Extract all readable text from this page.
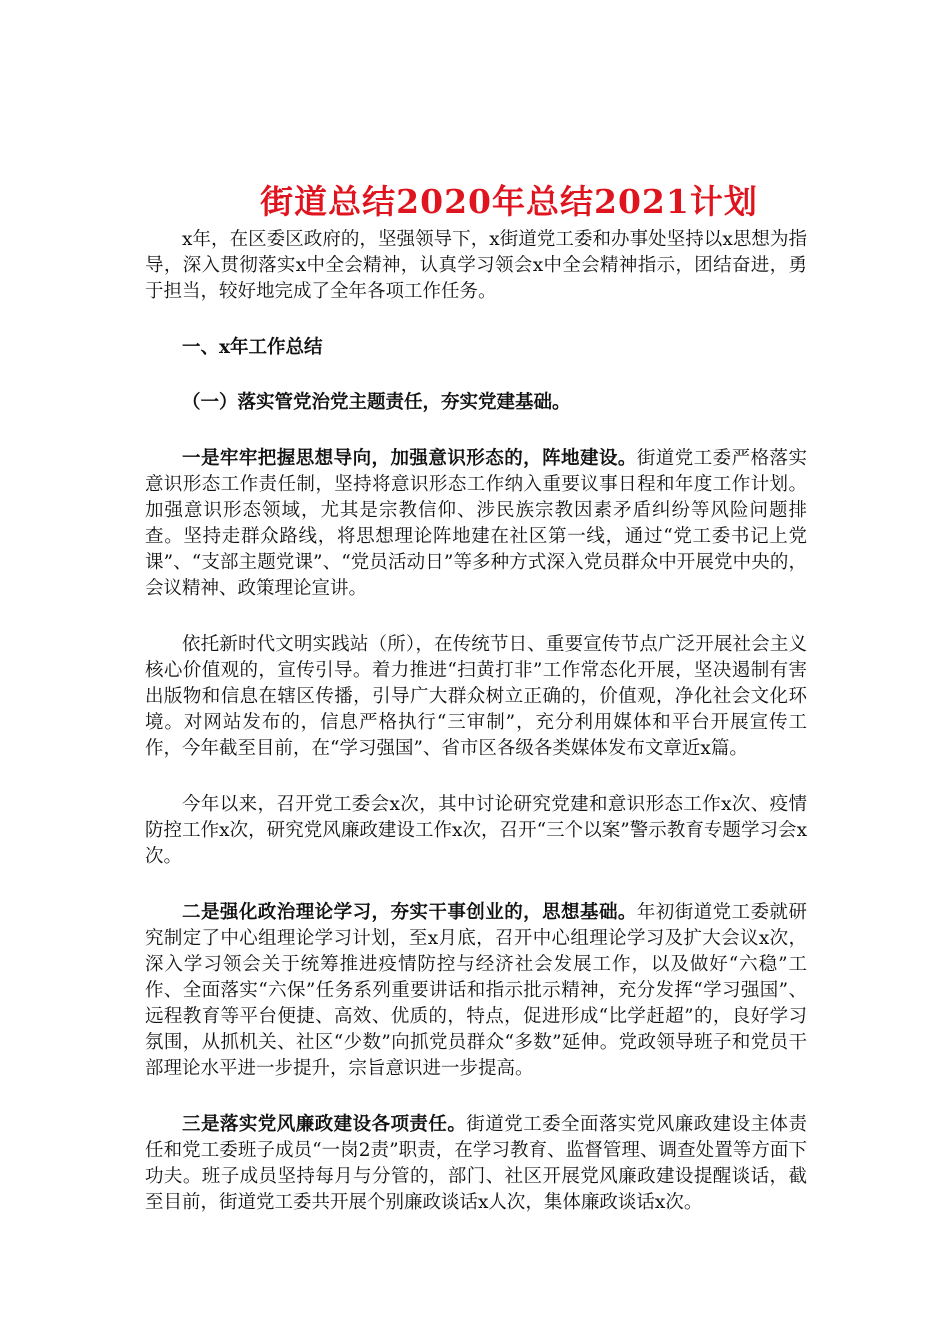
街道总结2020年总结2021计划

x年，在区委区政府的，坚强领导下，x街道党工委和办事处坚持以x思想为指导，深入贯彻落实x中全会精神，认真学习领会x中全会精神指示，团结奋进，勇于担当，较好地完成了全年各项工作任务。

一、x年工作总结

（一）落实管党治党主题责任，夯实党建基础。

一是牢牢把握思想导向，加强意识形态的，阵地建设。街道党工委严格落实意识形态工作责任制，坚持将意识形态工作纳入重要议事日程和年度工作计划。加强意识形态领域，尤其是宗教信仰、涉民族宗教因素矛盾纠纷等风险问题排查。坚持走群众路线，将思想理论阵地建在社区第一线，通过“党工委书记上党课”、“支部主题党课”、“党员活动日”等多种方式深入党员群众中开展党中央的，会议精神、政策理论宣讲。

依托新时代文明实践站（所），在传统节日、重要宣传节点广泛开展社会主义核心价值观的，宣传引导。着力推进“扫黄打非”工作常态化开展，坚决遏制有害出版物和信息在辖区传播，引导广大群众树立正确的，价值观，净化社会文化环境。对网站发布的，信息严格执行“三审制”，充分利用媒体和平台开展宣传工作，今年截至目前，在“学习强国”、省市区各级各类媒体发布文章近x篇。

今年以来，召开党工委会x次，其中讨论研究党建和意识形态工作x次、疫情防控工作x次，研究党风廉政建设工作x次，召开“三个以案”警示教育专题学习会x次。

二是强化政治理论学习，夯实干事创业的，思想基础。年初街道党工委就研究制定了中心组理论学习计划，至x月底，召开中心组理论学习及扩大会议x次，深入学习领会关于统筹推进疫情防控与经济社会发展工作，以及做好“六稳”工作、全面落实“六保”任务系列重要讲话和指示批示精神，充分发挥“学习强国”、远程教育等平台便捷、高效、优质的，特点，促进形成“比学赶超”的，良好学习氛围，从抓机关、社区“少数”向抓党员群众“多数”延伸。党政领导班子和党员干部理论水平进一步提升，宗旨意识进一步提高。

三是落实党风廉政建设各项责任。街道党工委全面落实党风廉政建设主体责任和党工委班子成员“一岗2责”职责，在学习教育、监督管理、调查处置等方面下功夫。班子成员坚持每月与分管的，部门、社区开展党风廉政建设提醒谈话，截至目前，街道党工委共开展个别廉政谈话x人次，集体廉政谈话x次。
